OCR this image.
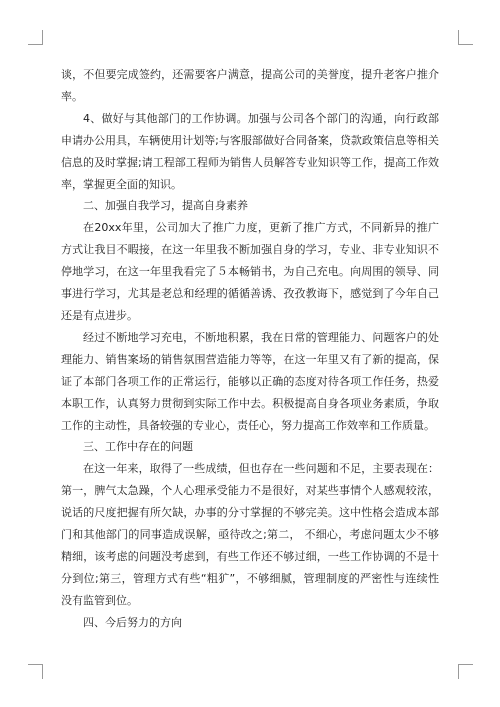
谈，不但要完成签约，还需要客户满意，提高公司的美誉度，提升老客户推介率。

4、做好与其他部门的工作协调。加强与公司各个部门的沟通，向行政部申请办公用具，车辆使用计划等;与客服部做好合同备案，贷款政策信息等相关信息的及时掌握;请工程部工程师为销售人员解答专业知识等工作，提高工作效率，掌握更全面的知识。

二、加强自我学习，提高自身素养

在20xx年里，公司加大了推广力度，更新了推广方式，不同新异的推广方式让我目不暇接，在这一年里我不断加强自身的学习，专业、非专业知识不停地学习，在这一年里我看完了５本畅销书，为自己充电。向周围的领导、同事进行学习，尤其是老总和经理的循循善诱、孜孜教诲下，感觉到了今年自己还是有点进步。

经过不断地学习充电，不断地积累，我在日常的管理能力、问题客户的处理能力、销售案场的销售氛围营造能力等等，在这一年里又有了新的提高，保证了本部门各项工作的正常运行，能够以正确的态度对待各项工作任务，热爱本职工作，认真努力贯彻到实际工作中去。积极提高自身各项业务素质，争取工作的主动性，具备较强的专业心，责任心，努力提高工作效率和工作质量。

三、工作中存在的问题

在这一年来，取得了一些成绩，但也存在一些问题和不足，主要表现在：第一，脾气太急躁，个人心理承受能力不是很好，对某些事情个人感观较浓，说话的尺度把握有所欠缺，办事的分寸掌握的不够完美。这中性格会造成本部门和其他部门的同事造成误解，亟待改之;第二， 不细心，考虑问题太少不够精细，该考虑的问题没考虑到，有些工作还不够过细，一些工作协调的不是十分到位;第三，管理方式有些“粗犷”，不够细腻，管理制度的严密性与连续性没有监管到位。

四、今后努力的方向
